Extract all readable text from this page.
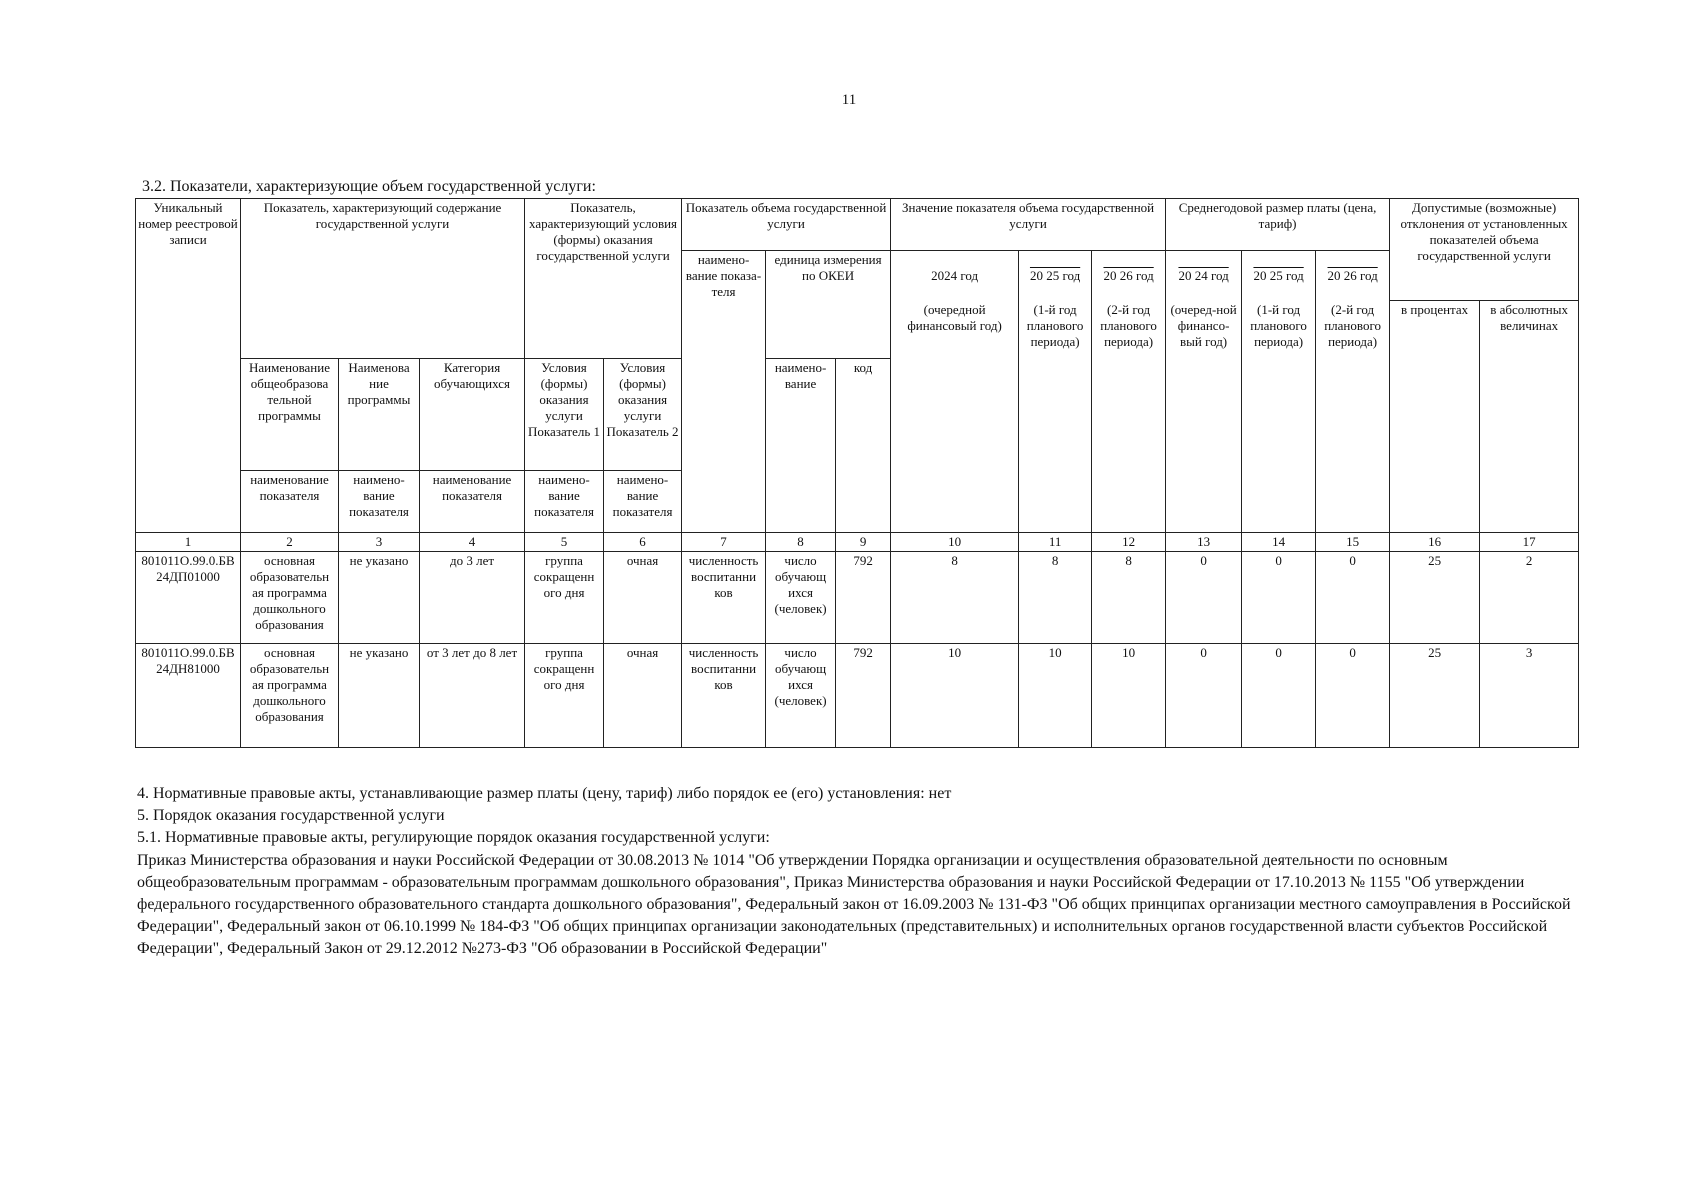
11
3.2. Показатели, характеризующие объем государственной услуги:
Уникальный номер реестровой записи	Показатель, характеризующий содержание государственной услуги			Показатель, характеризующий условия (формы) оказания государственной услуги		Показатель объема государственной услуги			Значение показателя объема государственной услуги			Среднегодовой размер платы (цена, тариф)			Допустимые (возможные) отклонения от установленных показателей объема государственной услуги	
						наимено-вание показа-теля	единица измерения по ОКЕИ		2024 год	20 25 год	20 26 год	20 24 год	20 25 год	20 26 год		
									(очередной финансовый год)	(1-й год планового периода)	(2-й год планового периода)	(очеред-ной финансо-вый год)	(1-й год планового периода)	(2-й год планового периода)	в процентах	в абсолютных величинах
	Наименование общеобразова тельной программы	Наименова ние программы	Категория обучающихся	Условия (формы) оказания услуги Показатель 1	Условия (формы) оказания услуги Показатель 2		наимено-вание	код								
	наименование показателя	наимено-вание показателя	наименование показателя	наимено-вание показателя	наимено-вание показателя											
1	2	3	4	5	6	7	8	9	10	11	12	13	14	15	16	17
801011О.99.0.БВ 24ДП01000	основная образовательн ая программа дошкольного образования	не указано	до 3 лет	группа сокращенн ого дня	очная	численность воспитанни ков	число обучающ ихся (человек)	792	8	8	8	0	0	0	25	2
801011О.99.0.БВ 24ДН81000	основная образовательн ая программа дошкольного образования	не указано	от 3 лет до 8 лет	группа сокращенн ого дня	очная	численность воспитанни ков	число обучающ ихся (человек)	792	10	10	10	0	0	0	25	3

4. Нормативные правовые акты, устанавливающие размер платы (цену, тариф) либо порядок ее (его) установления: нет

5. Порядок оказания государственной услуги

5.1. Нормативные правовые акты, регулирующие порядок оказания государственной услуги:

Приказ Министерства образования и науки Российской Федерации от 30.08.2013 № 1014 "Об утверждении Порядка организации и осуществления образовательной деятельности по основным общеобразовательным программам - образовательным программам дошкольного образования", Приказ Министерства образования и науки Российской Федерации от 17.10.2013 № 1155 "Об утверждении федерального государственного образовательного стандарта дошкольного образования", Федеральный закон от 16.09.2003 № 131-ФЗ "Об общих принципах организации местного самоуправления в Российской Федерации", Федеральный закон от 06.10.1999 № 184-ФЗ "Об общих принципах организации законодательных (представительных) и исполнительных органов государственной власти субъектов Российской Федерации", Федеральный Закон от 29.12.2012 №273-ФЗ "Об образовании в Российской Федерации"
